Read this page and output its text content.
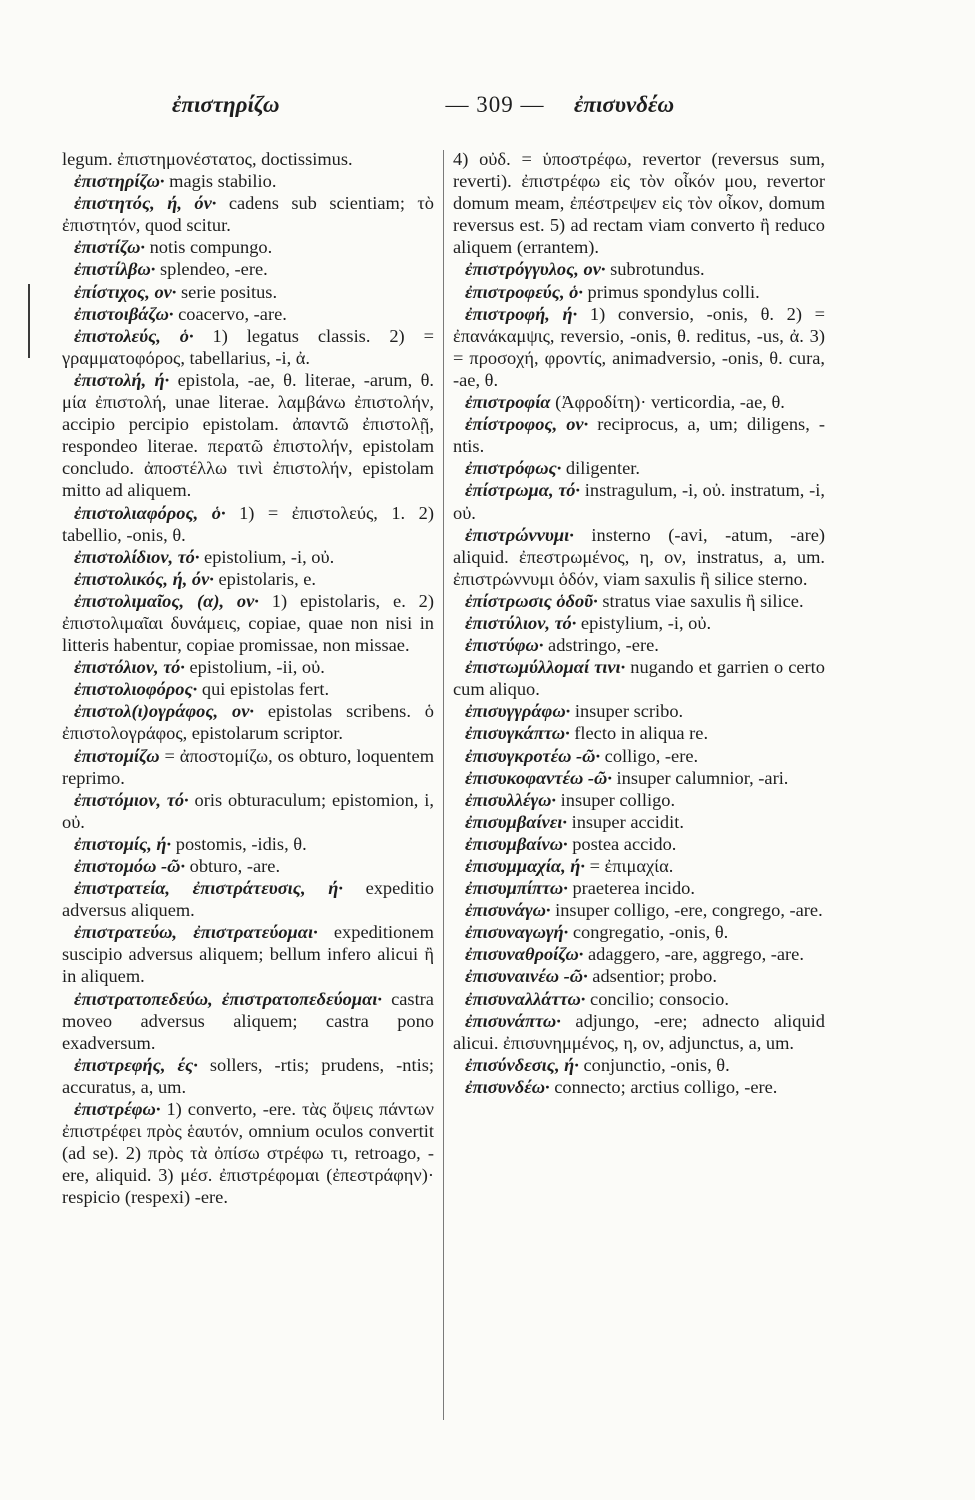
— 309 —
ἐπιστηρίζω	ἐπισυνδέω

legum. ἐπιστημονέστατος, doctissimus.

ἐπιστηρίζω· magis stabilio.

ἐπιστητός, ή, όν· cadens sub scientiam; τὸ ἐπιστητόν, quod scitur.

ἐπιστίζω· notis compungo.

ἐπιστίλβω· splendeo, -ere.

ἐπίστιχος, ον· serie positus.

ἐπιστοιβάζω· coacervo, -are.

ἐπιστολεύς, ὁ· 1) legatus classis. 2) = γραμματοφόρος, tabellarius, -i, ἀ.

ἐπιστολή, ή· epistola, -ae, θ. literae, -arum, θ. μία ἐπιστολή, unae literae. λαμβάνω ἐπιστολήν, accipio percipio epistolam. ἀπαντῶ ἐπιστολῇ, respondeo literae. περατῶ ἐπιστολήν, epistolam concludo. ἀποστέλλω τινὶ ἐπιστολήν, epistolam mitto ad aliquem.

ἐπιστολιαφόρος, ὁ· 1) = ἐπιστολεύς, 1. 2) tabellio, -onis, θ.

ἐπιστολίδιον, τό· epistolium, -i, οὐ.

ἐπιστολικός, ή, όν· epistolaris, e.

ἐπιστολιμαῖος, (α), ον· 1) epistolaris, e. 2) ἐπιστολιμαῖαι δυνάμεις, copiae, quae non nisi in litteris habentur, copiae promissae, non missae.

ἐπιστόλιον, τό· epistolium, -ii, οὐ.

ἐπιστολιοφόρος· qui epistolas fert.

ἐπιστολ(ι)ογράφος, ον· epistolas scribens. ὁ ἐπιστολογράφος, epistolarum scriptor.

ἐπιστομίζω = ἀποστομίζω, os obturo, loquentem reprimo.

ἐπιστόμιον, τό· oris obturaculum; epistomion, i, οὐ.

ἐπιστομίς, ή· postomis, -idis, θ.

ἐπιστομόω -ῶ· obturo, -are.

ἐπιστρατεία, ἐπιστράτευσις, ή· expeditio adversus aliquem.

ἐπιστρατεύω, ἐπιστρατεύομαι· expeditionem suscipio adversus aliquem; bellum infero alicui ἢ in aliquem.

ἐπιστρατοπεδεύω, ἐπιστρατοπεδεύομαι· castra moveo adversus aliquem; castra pono exadversum.

ἐπιστρεφής, ές· sollers, -rtis; prudens, -ntis; accuratus, a, um.

ἐπιστρέφω· 1) converto, -ere. τὰς ὄψεις πάντων ἐπιστρέφει πρὸς ἑαυτόν, omnium oculos convertit (ad se). 2) πρὸς τὰ ὀπίσω στρέφω τι, retroago, -ere, aliquid. 3) μέσ. ἐπιστρέφομαι (ἐπεστράφην)· respicio (respexi) -ere.

4) οὐδ. = ὑποστρέφω, revertor (reversus sum, reverti). ἐπιστρέφω εἰς τὸν οἶκόν μου, revertor domum meam, ἐπέστρεψεν εἰς τὸν οἶκον, domum reversus est. 5) ad rectam viam converto ἢ reduco aliquem (errantem).

ἐπιστρόγγυλος, ον· subrotundus.

ἐπιστροφεύς, ὁ· primus spondylus colli.

ἐπιστροφή, ή· 1) conversio, -onis, θ. 2) = ἐπανάκαμψις, reversio, -onis, θ. reditus, -us, ἀ. 3) = προσοχή, φροντίς, animadversio, -onis, θ. cura, -ae, θ.

ἐπιστροφία (Ἀφροδίτη)· verticordia, -ae, θ.

ἐπίστροφος, ον· reciprocus, a, um; diligens, -ntis.

ἐπιστρόφως· diligenter.

ἐπίστρωμα, τό· instragulum, -i, οὐ. instratum, -i, οὐ.

ἐπιστρώννυμι· insterno (-avi, -atum, -are) aliquid. ἐπεστρωμένος, η, ον, instratus, a, um. ἐπιστρώννυμι ὁδόν, viam saxulis ἢ silice sterno.

ἐπίστρωσις ὁδοῦ· stratus viae saxulis ἢ silice.

ἐπιστύλιον, τό· epistylium, -i, οὐ.

ἐπιστύφω· adstringo, -ere.

ἐπιστωμύλλομαί τινι· nugando et garrien o certo cum aliquo.

ἐπισυγγράφω· insuper scribo.

ἐπισυγκάπτω· flecto in aliqua re.

ἐπισυγκροτέω -ῶ· colligo, -ere.

ἐπισυκοφαντέω -ῶ· insuper calumnior, -ari.

ἐπισυλλέγω· insuper colligo.

ἐπισυμβαίνει· insuper accidit.

ἐπισυμβαίνω· postea accido.

ἐπισυμμαχία, ή· = ἐπιμαχία.

ἐπισυμπίπτω· praeterea incido.

ἐπισυνάγω· insuper colligo, -ere, congrego, -are.

ἐπισυναγωγή· congregatio, -onis, θ.

ἐπισυναθροίζω· adaggero, -are, aggrego, -are.

ἐπισυναινέω -ῶ· adsentior; probo.

ἐπισυναλλάττω· concilio; consocio.

ἐπισυνάπτω· adjungo, -ere; adnecto aliquid alicui. ἐπισυνημμένος, η, ον, adjunctus, a, um.

ἐπισύνδεσις, ή· conjunctio, -onis, θ.

ἐπισυνδέω· connecto; arctius colligo, -ere.
